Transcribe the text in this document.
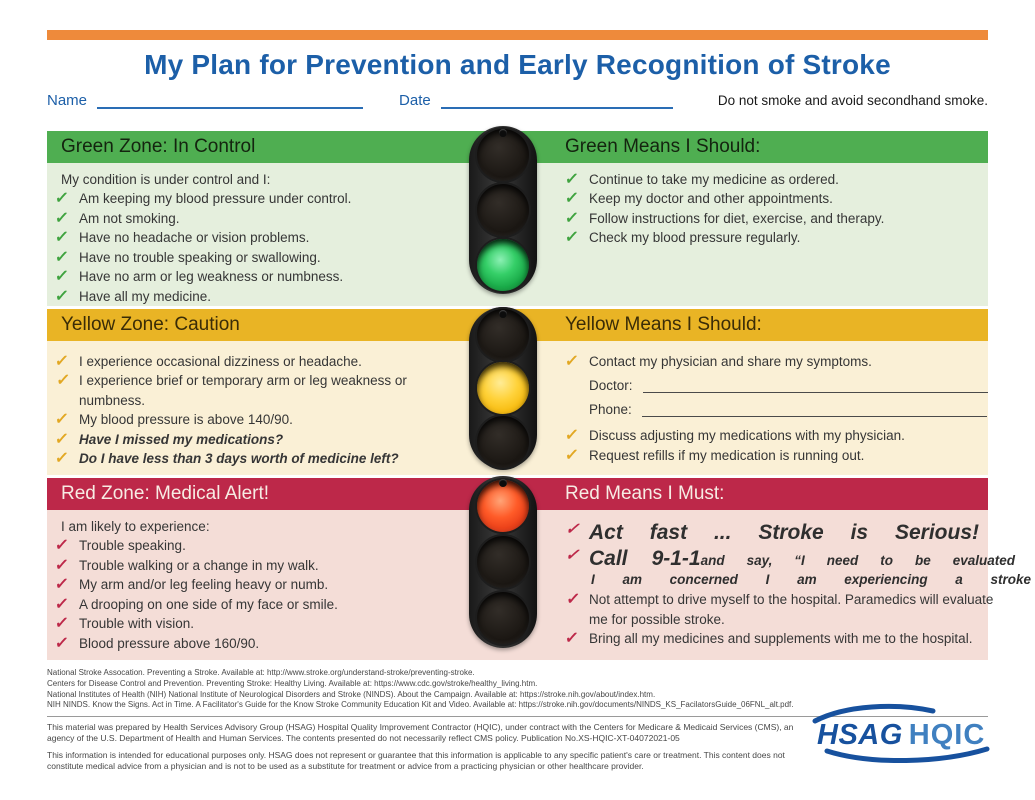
My Plan for Prevention and Early Recognition of Stroke
Name	Date	Do not smoke and avoid secondhand smoke.
Green Zone: In Control	Green Means I Should:
My condition is under control and I:
✓ Am keeping my blood pressure under control.
✓ Am not smoking.
✓ Have no headache or vision problems.
✓ Have no trouble speaking or swallowing.
✓ Have no arm or leg weakness or numbness.
✓ Have all my medicine.
✓ Continue to take my medicine as ordered.
✓ Keep my doctor and other appointments.
✓ Follow instructions for diet, exercise, and therapy.
✓ Check my blood pressure regularly.
Yellow Zone: Caution	Yellow Means I Should:
✓ I experience occasional dizziness or headache.
✓ I experience brief or temporary arm or leg weakness or numbness.
✓ My blood pressure is above 140/90.
✓ Have I missed my medications?
✓ Do I have less than 3 days worth of medicine left?
✓ Contact my physician and share my symptoms.
Doctor:
Phone:
✓ Discuss adjusting my medications with my physician.
✓ Request refills if my medication is running out.
Red Zone: Medical Alert!	Red Means I Must:
I am likely to experience:
✓ Trouble speaking.
✓ Trouble walking or a change in my walk.
✓ My arm and/or leg feeling heavy or numb.
✓ A drooping on one side of my face or smile.
✓ Trouble with vision.
✓ Blood pressure above 160/90.
✓ Act fast ... Stroke is Serious!
✓ Call 9-1-1and say, “I need to be evaluated
I am concerned I am experiencing a stroke
✓ Not attempt to drive myself to the hospital. Paramedics will evaluate me for possible stroke.
✓ Bring all my medicines and supplements with me to the hospital.
National Stroke Assocation. Preventing a Stroke. Available at: http://www.stroke.org/understand-stroke/preventing-stroke.
Centers for Disease Control and Prevention. Preventing Stroke: Healthy Living. Available at: https://www.cdc.gov/stroke/healthy_living.htm.
National Institutes of Health (NIH) National Institute of Neurological Disorders and Stroke (NINDS). About the Campaign. Available at: https://stroke.nih.gov/about/index.htm.
NIH NINDS. Know the Signs. Act in Time. A Facilitator's Guide for the Know Stroke Community Education Kit and Video. Available at: https://stroke.nih.gov/documents/NINDS_KS_FacilatorsGuide_06FNL_alt.pdf.

This material was prepared by Health Services Advisory Group (HSAG) Hospital Quality Improvement Contractor (HQIC), under contract with the Centers for Medicare & Medicaid Services (CMS), an agency of the U.S. Department of Health and Human Services. The contents presented do not necessarily reflect CMS policy. Publication No.XS-HQIC-XT-04072021-05

This information is intended for educational purposes only. HSAG does not represent or guarantee that this information is applicable to any specific patient's care or treatment. This content does not constitute medical advice from a physician and is not to be used as a substitute for treatment or advice from a practicing physician or other healthcare provider.

HSAG HQIC
